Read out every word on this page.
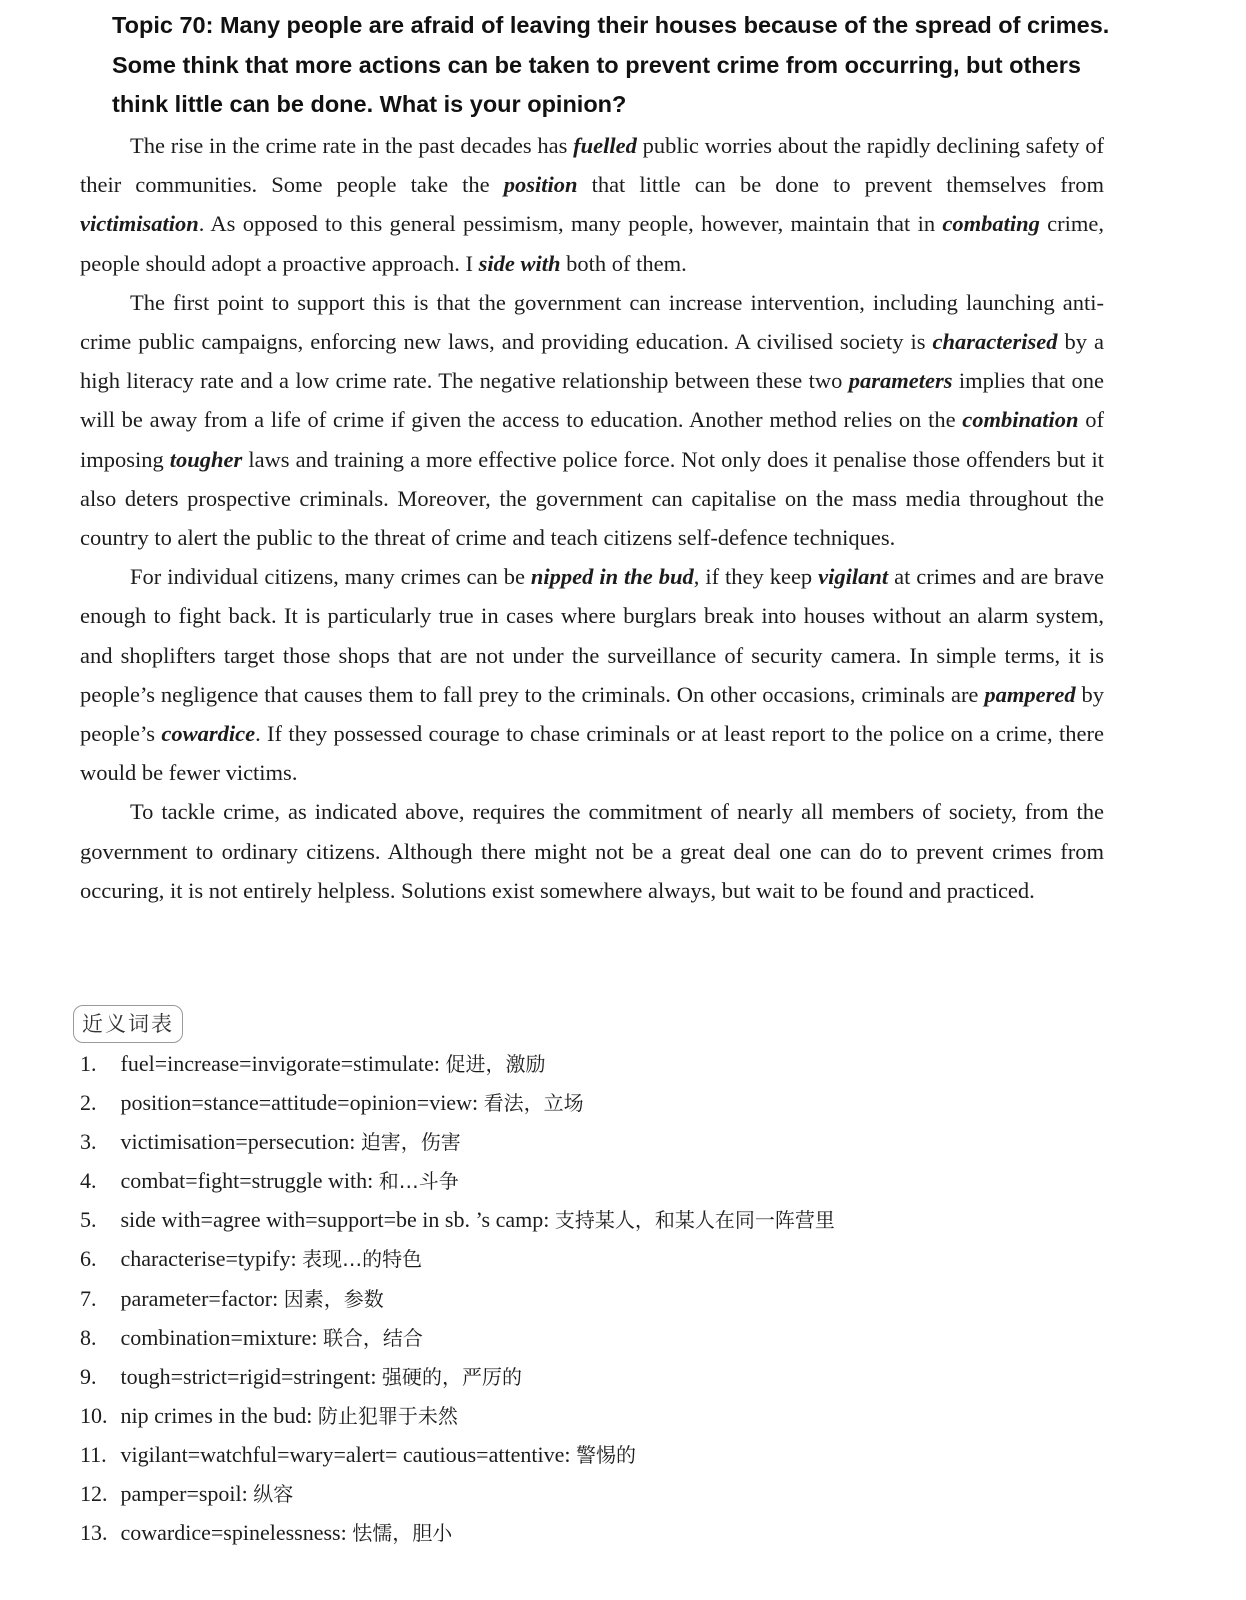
Topic 70: Many people are afraid of leaving their houses because of the spread of crimes. Some think that more actions can be taken to prevent crime from occurring, but others think little can be done. What is your opinion?

The rise in the crime rate in the past decades has fuelled public worries about the rapidly declining safety of their communities. Some people take the position that little can be done to prevent themselves from victimisation. As opposed to this general pessimism, many people, however, maintain that in combating crime, people should adopt a proactive approach. I side with both of them.

The first point to support this is that the government can increase intervention, including launching anti-crime public campaigns, enforcing new laws, and providing education. A civilised society is characterised by a high literacy rate and a low crime rate. The negative relationship between these two parameters implies that one will be away from a life of crime if given the access to education. Another method relies on the combination of imposing tougher laws and training a more effective police force. Not only does it penalise those offenders but it also deters prospective criminals. Moreover, the government can capitalise on the mass media throughout the country to alert the public to the threat of crime and teach citizens self-defence techniques.

For individual citizens, many crimes can be nipped in the bud, if they keep vigilant at crimes and are brave enough to fight back. It is particularly true in cases where burglars break into houses without an alarm system, and shoplifters target those shops that are not under the surveillance of security camera. In simple terms, it is people’s negligence that causes them to fall prey to the criminals. On other occasions, criminals are pampered by people’s cowardice. If they possessed courage to chase criminals or at least report to the police on a crime, there would be fewer victims.

To tackle crime, as indicated above, requires the commitment of nearly all members of society, from the government to ordinary citizens. Although there might not be a great deal one can do to prevent crimes from occuring, it is not entirely helpless. Solutions exist somewhere always, but wait to be found and practiced.

近义词表
1. fuel=increase=invigorate=stimulate: 促进，激励
2. position=stance=attitude=opinion=view: 看法，立场
3. victimisation=persecution: 迫害，伤害
4. combat=fight=struggle with: 和…斗争
5. side with=agree with=support=be in sb. ’s camp: 支持某人，和某人在同一阵营里
6. characterise=typify: 表现…的特色
7. parameter=factor: 因素，参数
8. combination=mixture: 联合，结合
9. tough=strict=rigid=stringent: 强硬的，严厉的
10. nip crimes in the bud: 防止犯罪于未然
11. vigilant=watchful=wary=alert= cautious=attentive: 警惕的
12. pamper=spoil: 纵容
13. cowardice=spinelessness: 怯懦，胆小
